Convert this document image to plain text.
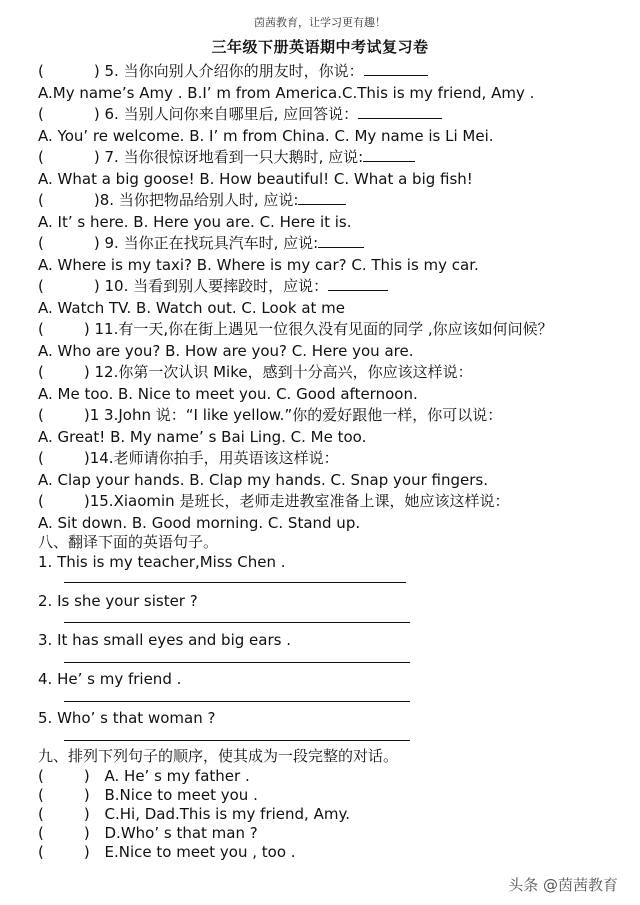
茵茜教育，让学习更有趣！
三年级下册英语期中考试复习卷
(	) 5. 当你向别人介绍你的朋友时，你说：
A.My name’s Amy . B.I’ m from America.C.This is my friend, Amy .
(	) 6. 当别人问你来自哪里后, 应回答说：
A. You’ re welcome. B. I’ m from China. C. My name is Li Mei.
(	) 7. 当你很惊讶地看到一只大鹅时, 应说:
A. What a big goose! B. How beautiful! C. What a big fish!
(	)8. 当你把物品给别人时, 应说:
A. It’ s here. B. Here you are. C. Here it is.
(	) 9. 当你正在找玩具汽车时, 应说:
A. Where is my taxi? B. Where is my car? C. This is my car.
(	) 10. 当看到别人要摔跤时，应说：
A. Watch TV. B. Watch out. C. Look at me
(	) 11.有一天,你在街上遇见一位很久没有见面的同学 ,你应该如何问候？
A. Who are you? B. How are you? C. Here you are.
(	) 12.你第一次认识 Mike，感到十分高兴，你应该这样说：
A. Me too. B. Nice to meet you. C. Good afternoon.
(	)1 3.John 说：“I like yellow.”你的爱好跟他一样，你可以说：
A. Great! B. My name’ s Bai Ling. C. Me too.
(	)14.老师请你拍手，用英语该这样说：
A. Clap your hands. B. Clap my hands. C. Snap your fingers.
(	)15.Xiaomin 是班长，老师走进教室准备上课，她应该这样说：
A. Sit down. B. Good morning. C. Stand up.
八、翻译下面的英语句子。
1. This is my teacher,Miss Chen .
2. Is she your sister ?
3. It has small eyes and big ears .
4. He’ s my friend .
5. Who’ s that woman ?
九、排列下列句子的顺序，使其成为一段完整的对话。
(	) A. He’ s my father .
(	) B.Nice to meet you .
(	) C.Hi, Dad.This is my friend, Amy.
(	) D.Who’ s that man ?
(	) E.Nice to meet you , too .
头条 @茵茜教育
